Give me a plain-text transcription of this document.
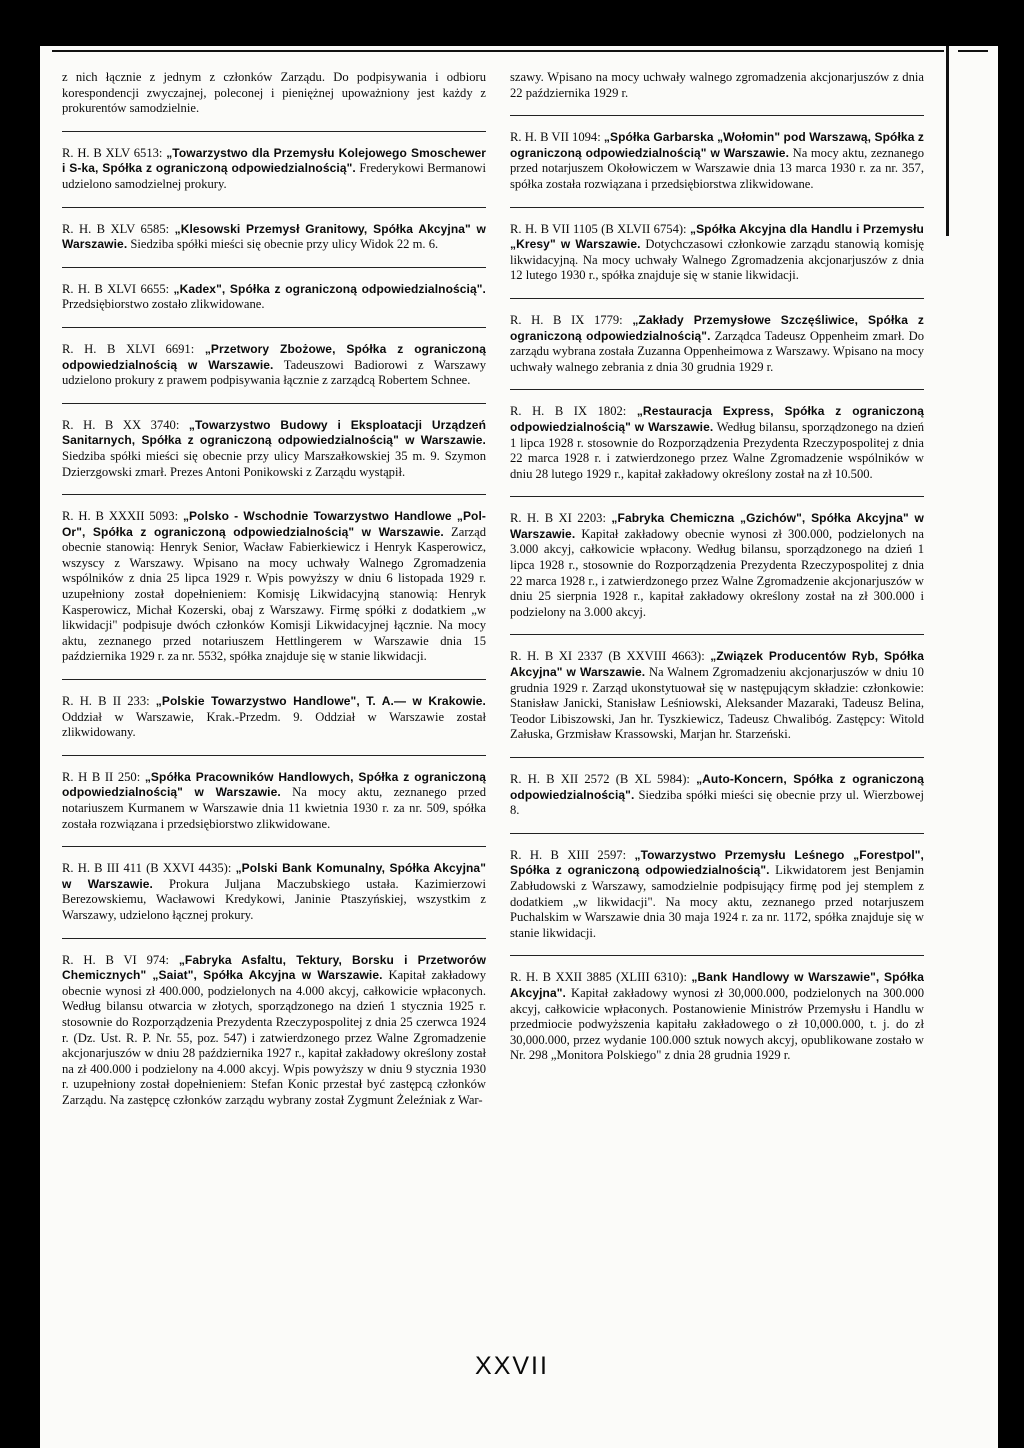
z nich łącznie z jednym z członków Zarządu. Do podpisywania i odbioru korespondencji zwyczajnej, poleconej i pieniężnej upoważniony jest każdy z prokurentów samodzielnie.
R. H. B XLV 6513: „Towarzystwo dla Przemysłu Kolejowego Smoschewer i S-ka, Spółka z ograniczoną odpowiedzialnością". Frederykowi Bermanowi udzielono samodzielnej prokury.
R. H. B XLV 6585: „Klesowski Przemysł Granitowy, Spółka Akcyjna" w Warszawie. Siedziba spółki mieści się obecnie przy ulicy Widok 22 m. 6.
R. H. B XLVI 6655: „Kadex", Spółka z ograniczoną odpowiedzialnością". Przedsiębiorstwo zostało zlikwidowane.
R. H. B XLVI 6691: „Przetwory Zbożowe, Spółka z ograniczoną odpowiedzialnością w Warszawie. Tadeuszowi Badiorowi z Warszawy udzielono prokury z prawem podpisywania łącznie z zarządcą Robertem Schnee.
R. H. B XX 3740: „Towarzystwo Budowy i Eksploatacji Urządzeń Sanitarnych, Spółka z ograniczoną odpowiedzialnością" w Warszawie. Siedziba spółki mieści się obecnie przy ulicy Marszałkowskiej 35 m. 9. Szymon Dzierzgowski zmarł. Prezes Antoni Ponikowski z Zarządu wystąpił.
R. H. B XXXII 5093: „Polsko - Wschodnie Towarzystwo Handlowe „Pol-Or", Spółka z ograniczoną odpowiedzialnością" w Warszawie. Zarząd obecnie stanowią: Henryk Senior, Wacław Fabierkiewicz i Henryk Kasperowicz, wszyscy z Warszawy. Wpisano na mocy uchwały Walnego Zgromadzenia wspólników z dnia 25 lipca 1929 r. Wpis powyższy w dniu 6 listopada 1929 r. uzupełniony został dopełnieniem: Komisję Likwidacyjną stanowią: Henryk Kasperowicz, Michał Kozerski, obaj z Warszawy. Firmę spółki z dodatkiem „w likwidacji" podpisuje dwóch członków Komisji Likwidacyjnej łącznie. Na mocy aktu, zeznanego przed notariuszem Hettlingerem w Warszawie dnia 15 października 1929 r. za nr. 5532, spółka znajduje się w stanie likwidacji.
R. H. B II 233: „Polskie Towarzystwo Handlowe", T. A.— w Krakowie. Oddział w Warszawie, Krak.-Przedm. 9. Oddział w Warszawie został zlikwidowany.
R. H B II 250: „Spółka Pracowników Handlowych, Spółka z ograniczoną odpowiedzialnością" w Warszawie. Na mocy aktu, zeznanego przed notariuszem Kurmanem w Warszawie dnia 11 kwietnia 1930 r. za nr. 509, spółka została rozwiązana i przedsiębiorstwo zlikwidowane.
R. H. B III 411 (B XXVI 4435): „Polski Bank Komunalny, Spółka Akcyjna" w Warszawie. Prokura Juljana Maczubskiego ustała. Kazimierzowi Berezowskiemu, Wacławowi Kredykowi, Janinie Ptaszyńskiej, wszystkim z Warszawy, udzielono łącznej prokury.
R. H. B VI 974: „Fabryka Asfaltu, Tektury, Borsku i Przetworów Chemicznych" „Saiat", Spółka Akcyjna w Warszawie. Kapitał zakładowy obecnie wynosi zł 400.000, podzielonych na 4.000 akcyj, całkowicie wpłaconych. Według bilansu otwarcia w złotych, sporządzonego na dzień 1 stycznia 1925 r. stosownie do Rozporządzenia Prezydenta Rzeczypospolitej z dnia 25 czerwca 1924 r. (Dz. Ust. R. P. Nr. 55, poz. 547) i zatwierdzonego przez Walne Zgromadzenie akcjonarjuszów w dniu 28 października 1927 r., kapitał zakładowy określony został na zł 400.000 i podzielony na 4.000 akcyj. Wpis powyższy w dniu 9 stycznia 1930 r. uzupełniony został dopełnieniem: Stefan Konic przestał być zastępcą członków Zarządu. Na zastępcę członków zarządu wybrany został Zygmunt Żeleźniak z War-
szawy. Wpisano na mocy uchwały walnego zgromadzenia akcjonarjuszów z dnia 22 października 1929 r.
R. H. B VII 1094: „Spółka Garbarska „Wołomin" pod Warszawą, Spółka z ograniczoną odpowiedzialnością" w Warszawie. Na mocy aktu, zeznanego przed notarjuszem Okołowiczem w Warszawie dnia 13 marca 1930 r. za nr. 357, spółka została rozwiązana i przedsiębiorstwa zlikwidowane.
R. H. B VII 1105 (B XLVII 6754): „Spółka Akcyjna dla Handlu i Przemysłu „Kresy" w Warszawie. Dotychczasowi członkowie zarządu stanowią komisję likwidacyjną. Na mocy uchwały Walnego Zgromadzenia akcjonarjuszów z dnia 12 lutego 1930 r., spółka znajduje się w stanie likwidacji.
R. H. B IX 1779: „Zakłady Przemysłowe Szczęśliwice, Spółka z ograniczoną odpowiedzialnością". Zarządca Tadeusz Oppenheim zmarł. Do zarządu wybrana została Zuzanna Oppenheimowa z Warszawy. Wpisano na mocy uchwały walnego zebrania z dnia 30 grudnia 1929 r.
R. H. B IX 1802: „Restauracja Express, Spółka z ograniczoną odpowiedzialnością" w Warszawie. Według bilansu, sporządzonego na dzień 1 lipca 1928 r. stosownie do Rozporządzenia Prezydenta Rzeczypospolitej z dnia 22 marca 1928 r. i zatwierdzonego przez Walne Zgromadzenie wspólników w dniu 28 lutego 1929 r., kapitał zakładowy określony został na zł 10.500.
R. H. B XI 2203: „Fabryka Chemiczna „Gzichów", Spółka Akcyjna" w Warszawie. Kapitał zakładowy obecnie wynosi zł 300.000, podzielonych na 3.000 akcyj, całkowicie wpłacony. Według bilansu, sporządzonego na dzień 1 lipca 1928 r., stosownie do Rozporządzenia Prezydenta Rzeczypospolitej z dnia 22 marca 1928 r., i zatwierdzonego przez Walne Zgromadzenie akcjonarjuszów w dniu 25 sierpnia 1928 r., kapitał zakładowy określony został na zł 300.000 i podzielony na 3.000 akcyj.
R. H. B XI 2337 (B XXVIII 4663): „Związek Producentów Ryb, Spółka Akcyjna" w Warszawie. Na Walnem Zgromadzeniu akcjonarjuszów w dniu 10 grudnia 1929 r. Zarząd ukonstytuował się w następującym składzie: członkowie: Stanisław Janicki, Stanisław Leśniowski, Aleksander Mazaraki, Tadeusz Belina, Teodor Libiszowski, Jan hr. Tyszkiewicz, Tadeusz Chwalibóg. Zastępcy: Witold Załuska, Grzmisław Krassowski, Marjan hr. Starzeński.
R. H. B XII 2572 (B XL 5984): „Auto-Koncern, Spółka z ograniczoną odpowiedzialnością". Siedziba spółki mieści się obecnie przy ul. Wierzbowej 8.
R. H. B XIII 2597: „Towarzystwo Przemysłu Leśnego „Forestpol", Spółka z ograniczoną odpowiedzialnością". Likwidatorem jest Benjamin Zabłudowski z Warszawy, samodzielnie podpisujący firmę pod jej stemplem z dodatkiem „w likwidacji". Na mocy aktu, zeznanego przed notarjuszem Puchalskim w Warszawie dnia 30 maja 1924 r. za nr. 1172, spółka znajduje się w stanie likwidacji.
R. H. B XXII 3885 (XLIII 6310): „Bank Handlowy w Warszawie", Spółka Akcyjna". Kapitał zakładowy wynosi zł 30,000.000, podzielonych na 300.000 akcyj, całkowicie wpłaconych. Postanowienie Ministrów Przemysłu i Handlu w przedmiocie podwyższenia kapitału zakładowego o zł 10,000.000, t. j. do zł 30,000.000, przez wydanie 100.000 sztuk nowych akcyj, opublikowane zostało w Nr. 298 „Monitora Polskiego" z dnia 28 grudnia 1929 r.
XXVII
